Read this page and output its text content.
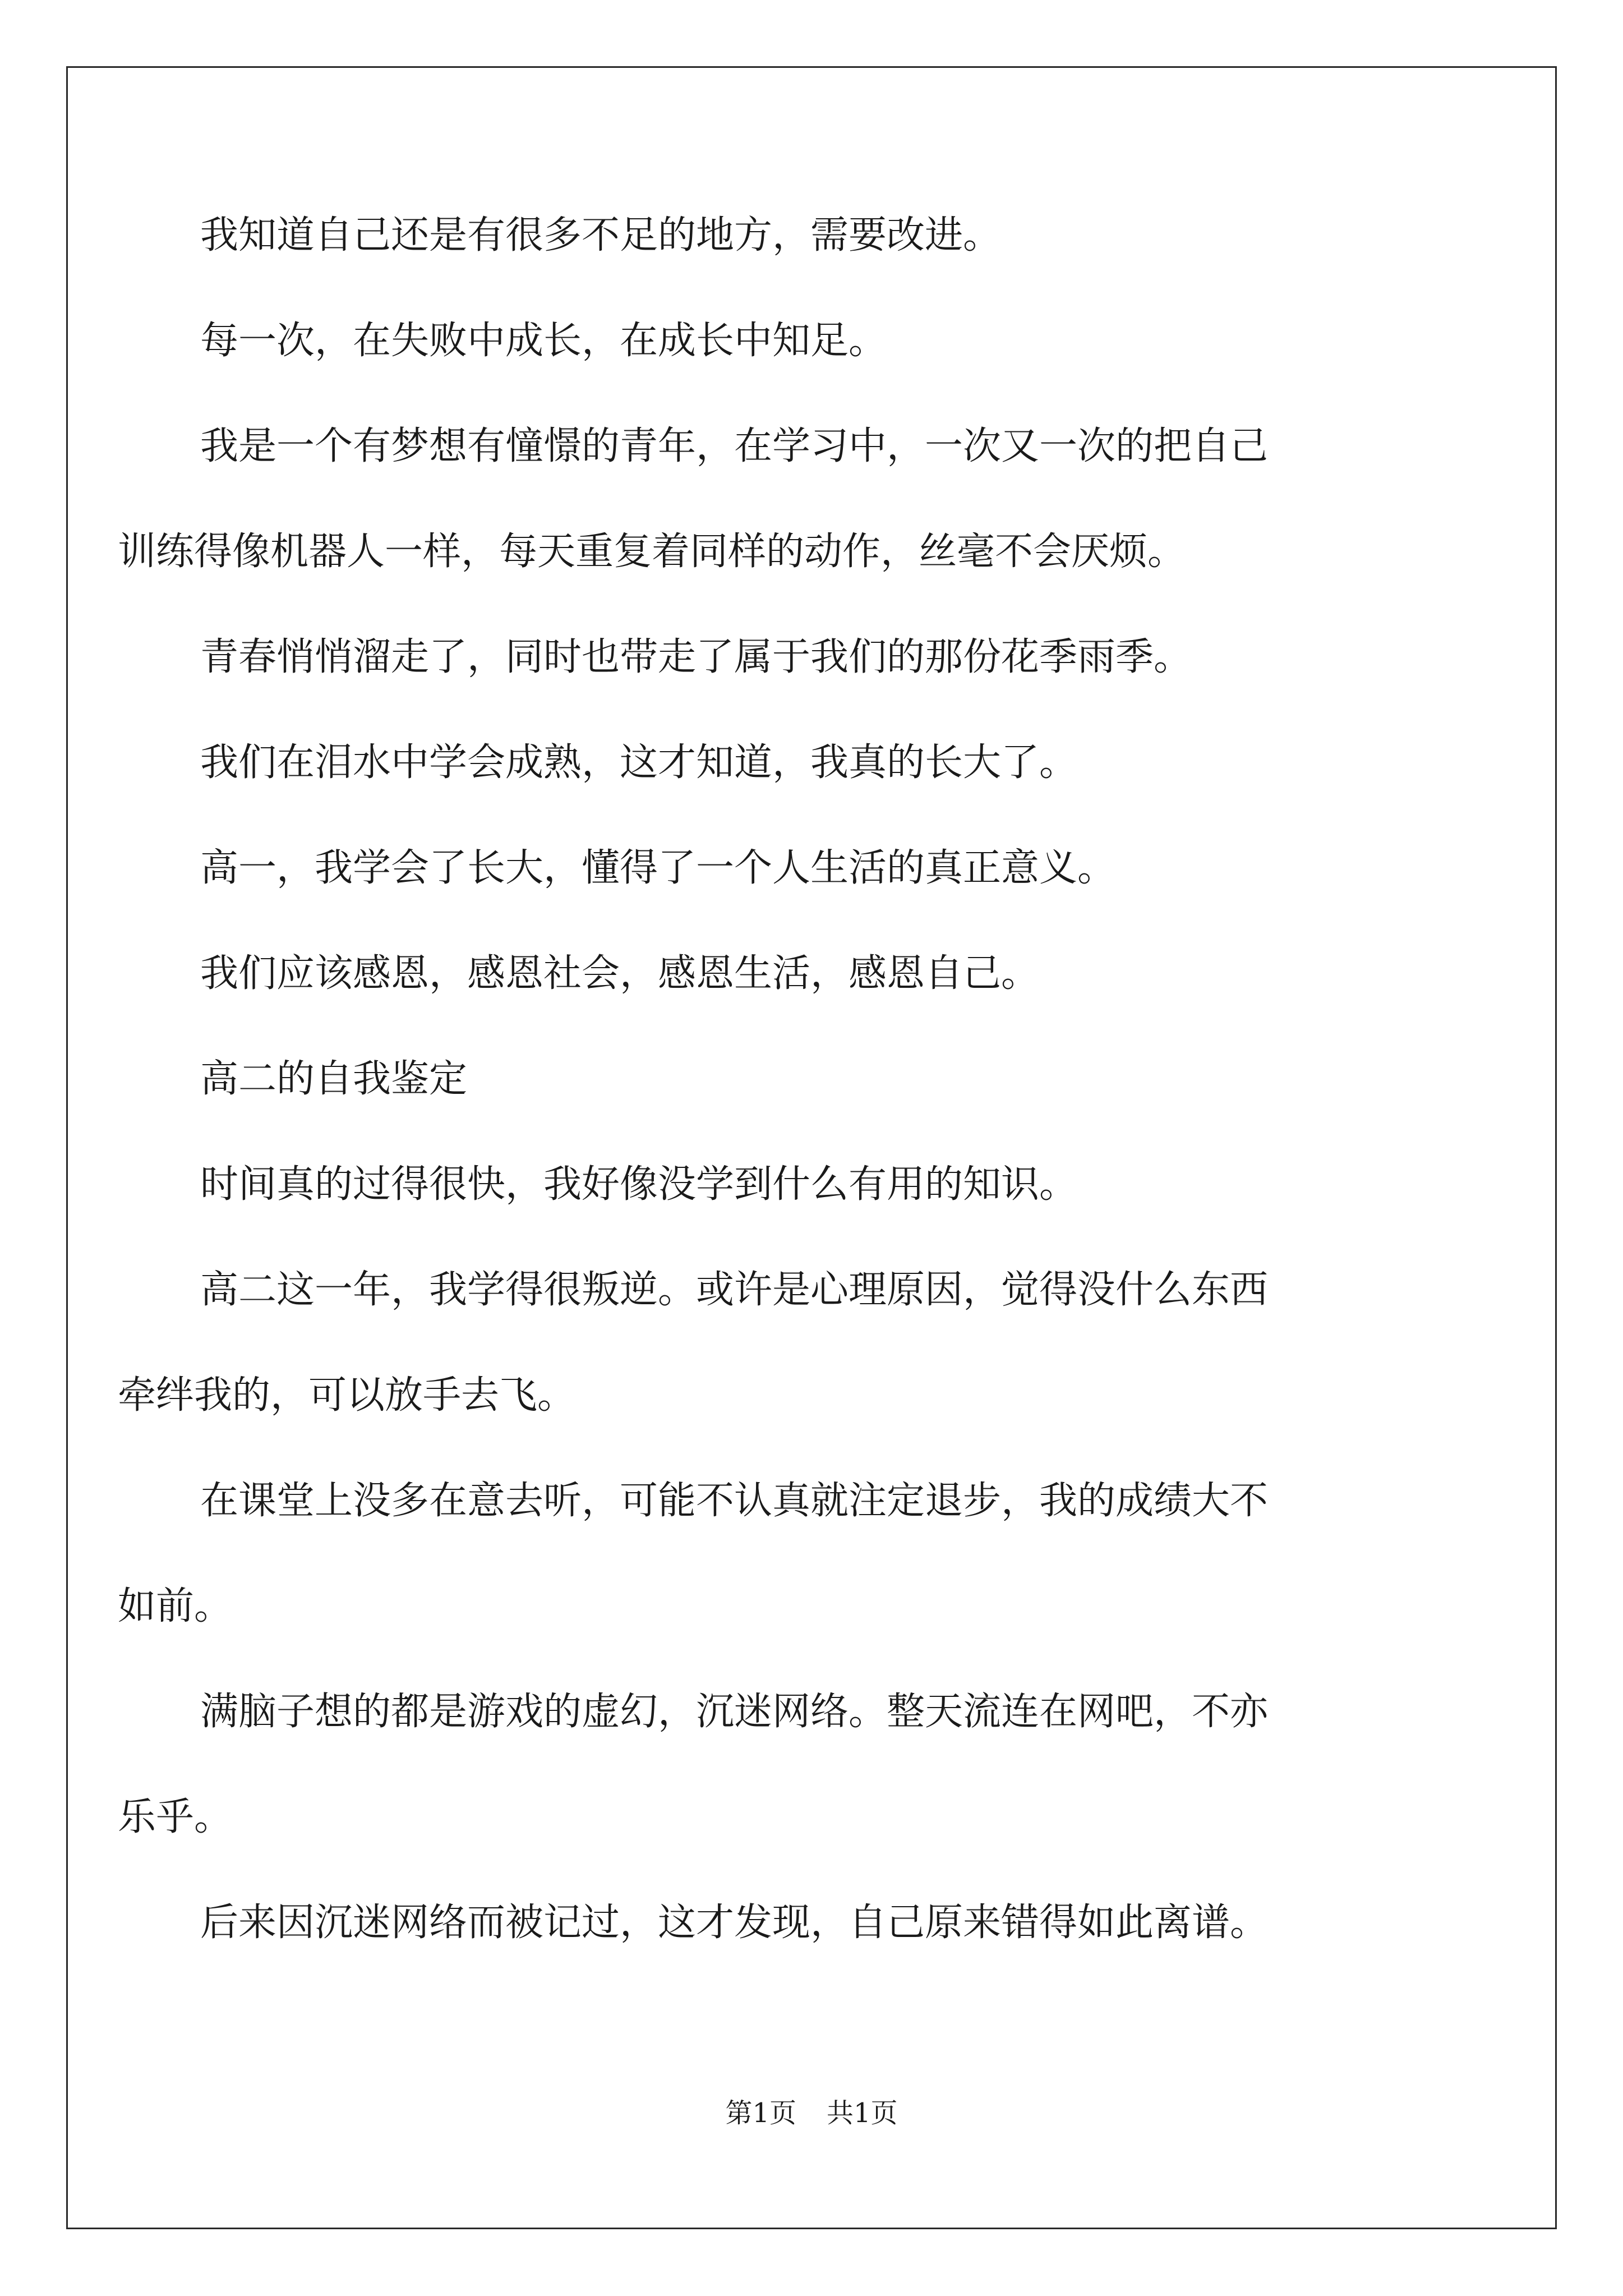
我知道自己还是有很多不足的地方，需要改进。

每一次，在失败中成长，在成长中知足。

我是一个有梦想有憧憬的青年，在学习中，一次又一次的把自己
训练得像机器人一样，每天重复着同样的动作，丝毫不会厌烦。

青春悄悄溜走了，同时也带走了属于我们的那份花季雨季。

我们在泪水中学会成熟，这才知道，我真的长大了。

高一，我学会了长大，懂得了一个人生活的真正意义。

我们应该感恩，感恩社会，感恩生活，感恩自己。

高二的自我鉴定

时间真的过得很快，我好像没学到什么有用的知识。

高二这一年，我学得很叛逆。或许是心理原因，觉得没什么东西
牵绊我的，可以放手去飞。

在课堂上没多在意去听，可能不认真就注定退步，我的成绩大不
如前。

满脑子想的都是游戏的虚幻，沉迷网络。整天流连在网吧，不亦
乐乎。

后来因沉迷网络而被记过，这才发现，自己原来错得如此离谱。

第1页 共1页
